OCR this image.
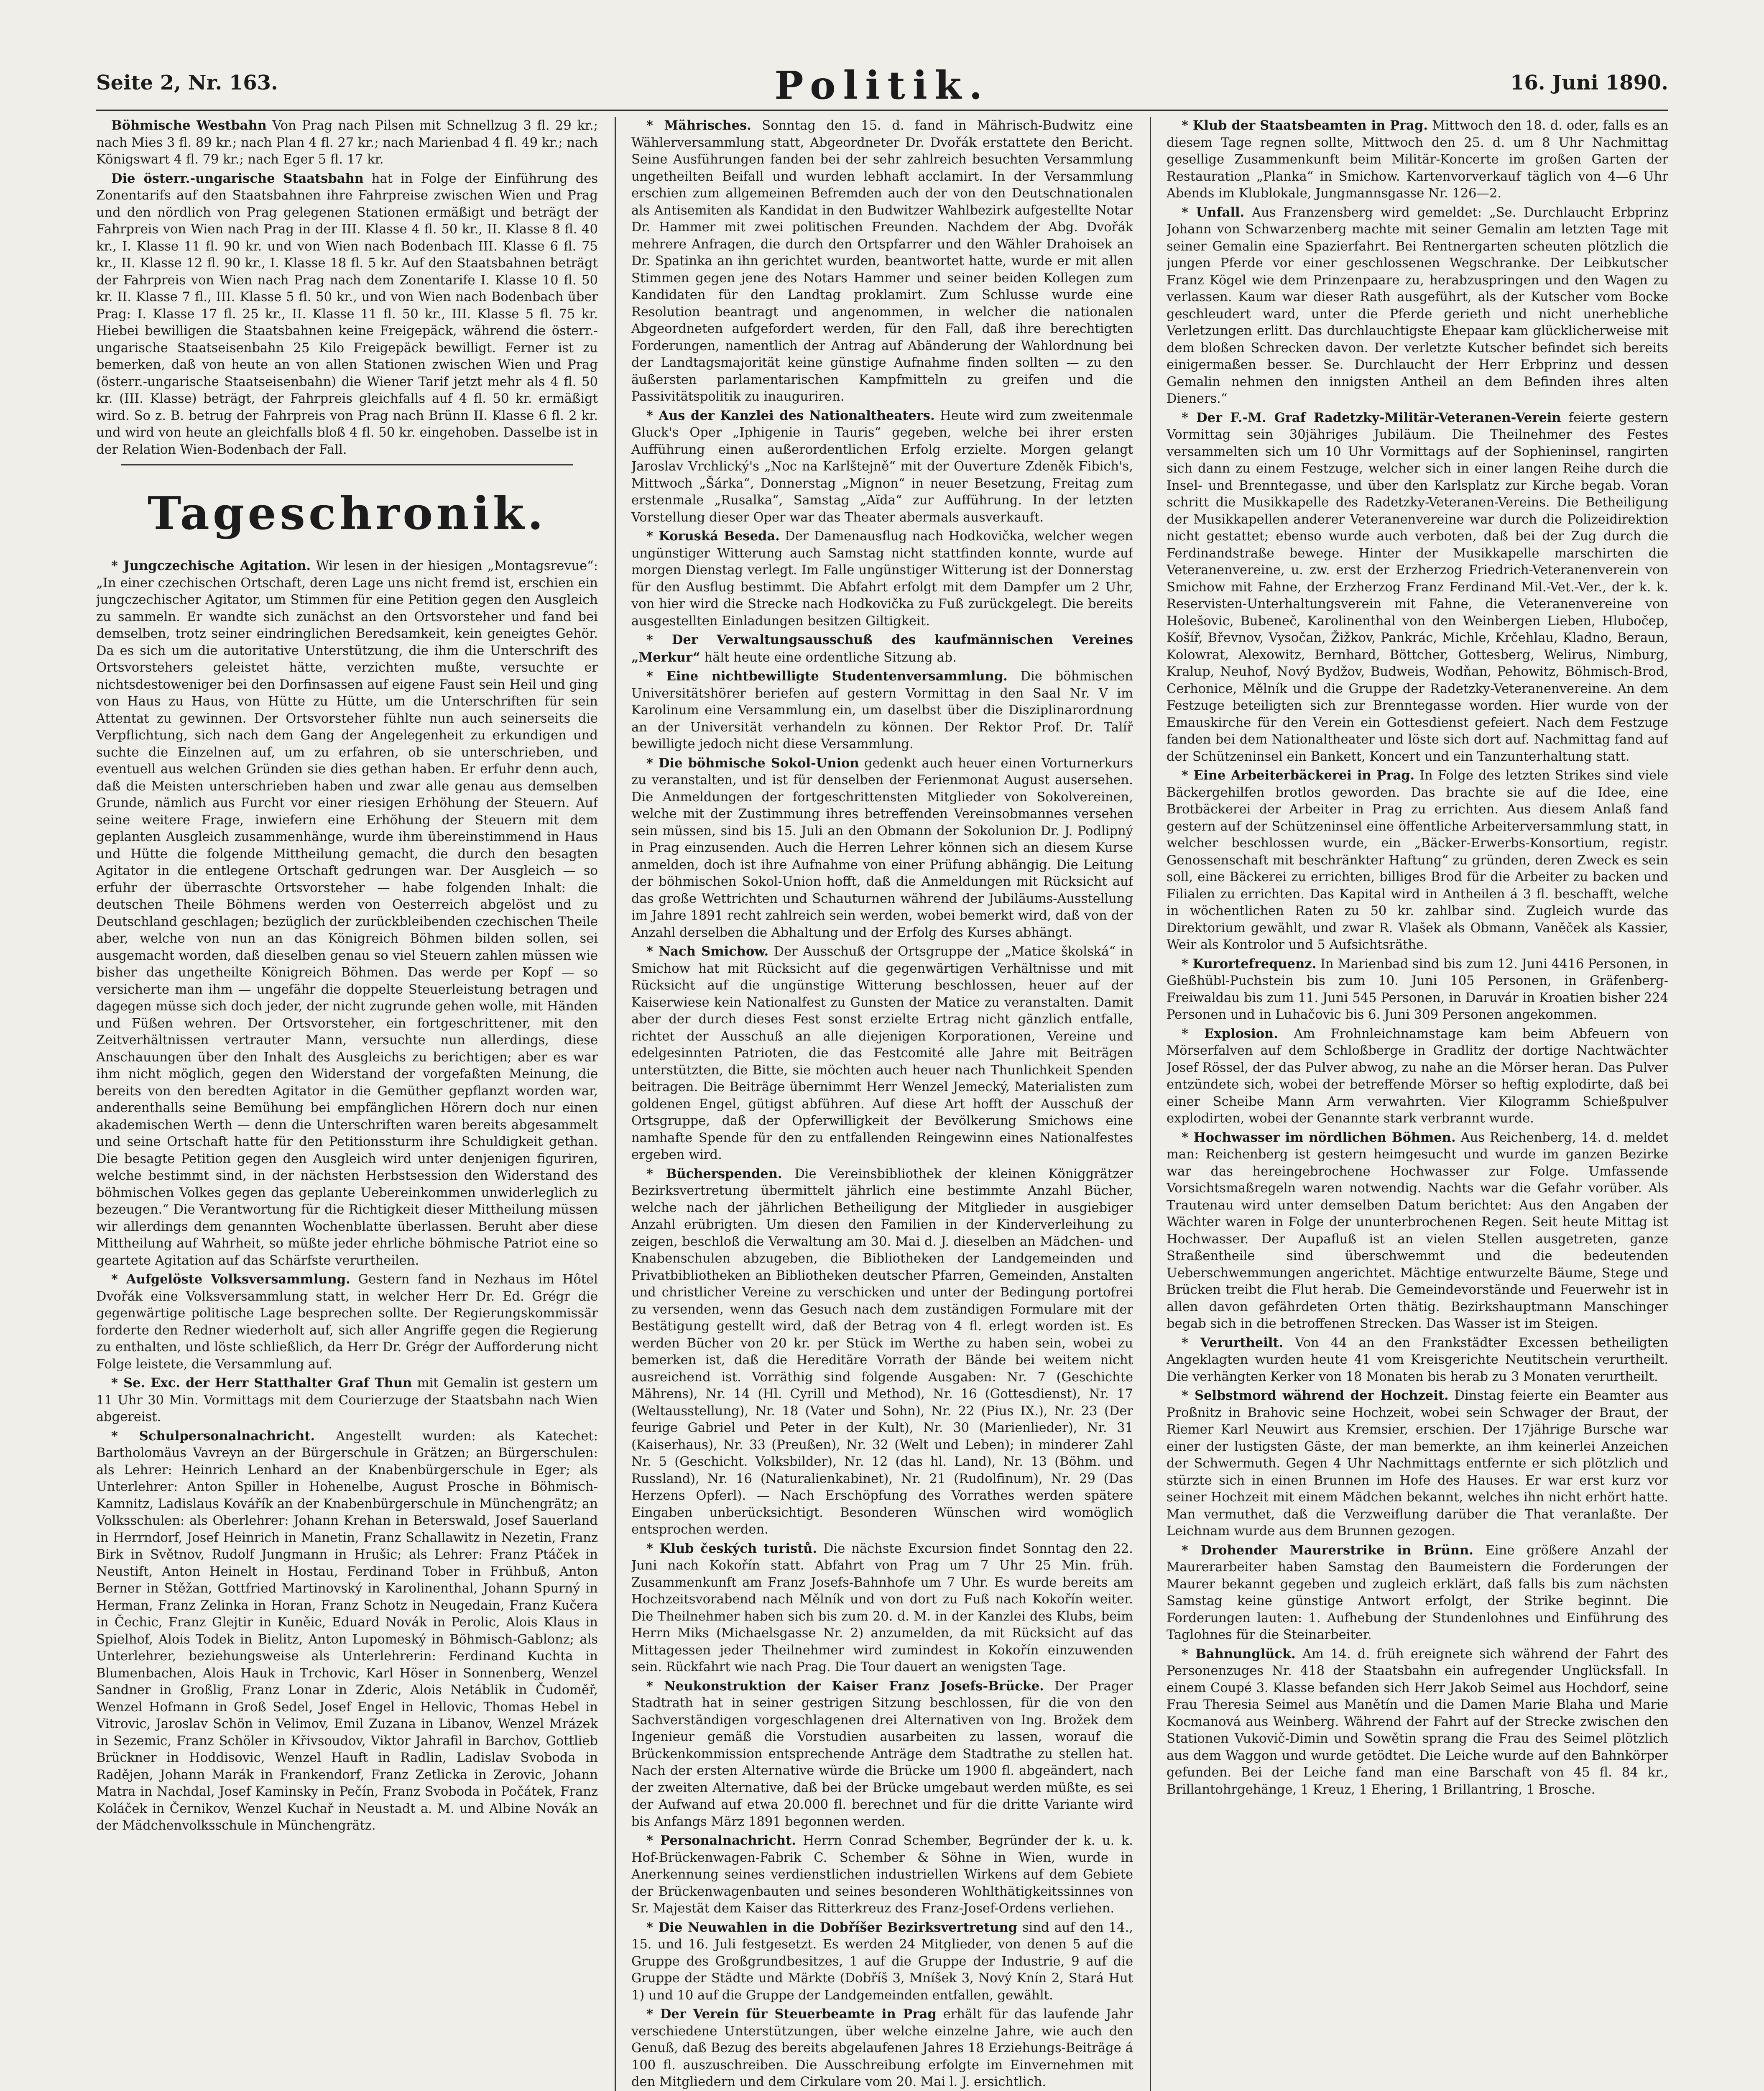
Seite 2, Nr. 163.	Politik.	16. Juni 1890.

Böhmische Westbahn Von Prag nach Pilsen mit Schnellzug 3 fl. 29 kr.; nach Mies 3 fl. 89 kr.; nach Plan 4 fl. 27 kr.; nach Marienbad 4 fl. 49 kr.; nach Königswart 4 fl. 79 kr.; nach Eger 5 fl. 17 kr.

Die österr.-ungarische Staatsbahn hat in Folge der Einführung des Zonentarifs auf den Staatsbahnen ihre Fahrpreise zwischen Wien und Prag und den nördlich von Prag gelegenen Stationen ermäßigt und beträgt der Fahrpreis von Wien nach Prag in der III. Klasse 4 fl. 50 kr., II. Klasse 8 fl. 40 kr., I. Klasse 11 fl. 90 kr. und von Wien nach Bodenbach III. Klasse 6 fl. 75 kr., II. Klasse 12 fl. 90 kr., I. Klasse 18 fl. 5 kr. Auf den Staatsbahnen beträgt der Fahrpreis von Wien nach Prag nach dem Zonentarife I. Klasse 10 fl. 50 kr. II. Klasse 7 fl., III. Klasse 5 fl. 50 kr., und von Wien nach Bodenbach über Prag: I. Klasse 17 fl. 25 kr., II. Klasse 11 fl. 50 kr., III. Klasse 5 fl. 75 kr. Hiebei bewilligen die Staatsbahnen keine Freigepäck, während die österr.-ungarische Staatseisenbahn 25 Kilo Freigepäck bewilligt. Ferner ist zu bemerken, daß von heute an von allen Stationen zwischen Wien und Prag (österr.-ungarische Staatseisenbahn) die Wiener Tarif jetzt mehr als 4 fl. 50 kr. (III. Klasse) beträgt, der Fahrpreis gleichfalls auf 4 fl. 50 kr. ermäßigt wird. So z. B. betrug der Fahrpreis von Prag nach Brünn II. Klasse 6 fl. 2 kr. und wird von heute an gleichfalls bloß 4 fl. 50 kr. eingehoben. Dasselbe ist in der Relation Wien-Bodenbach der Fall.

Tageschronik.

* Jungczechische Agitation. Wir lesen in der hiesigen „Montagsrevue“: „In einer czechischen Ortschaft, deren Lage uns nicht fremd ist, erschien ein jungczechischer Agitator, um Stimmen für eine Petition gegen den Ausgleich zu sammeln. Er wandte sich zunächst an den Ortsvorsteher und fand bei demselben, trotz seiner eindringlichen Beredsamkeit, kein geneigtes Gehör. Da es sich um die autoritative Unterstützung, die ihm die Unterschrift des Ortsvorstehers geleistet hätte, verzichten mußte, versuchte er nichtsdestoweniger bei den Dorfinsassen auf eigene Faust sein Heil und ging von Haus zu Haus, von Hütte zu Hütte, um die Unterschriften für sein Attentat zu gewinnen. Der Ortsvorsteher fühlte nun auch seinerseits die Verpflichtung, sich nach dem Gang der Angelegenheit zu erkundigen und suchte die Einzelnen auf, um zu erfahren, ob sie unterschrieben, und eventuell aus welchen Gründen sie dies gethan haben. Er erfuhr denn auch, daß die Meisten unterschrieben haben und zwar alle genau aus demselben Grunde, nämlich aus Furcht vor einer riesigen Erhöhung der Steuern. Auf seine weitere Frage, inwiefern eine Erhöhung der Steuern mit dem geplanten Ausgleich zusammenhänge, wurde ihm übereinstimmend in Haus und Hütte die folgende Mittheilung gemacht, die durch den besagten Agitator in die entlegene Ortschaft gedrungen war. Der Ausgleich — so erfuhr der überraschte Ortsvorsteher — habe folgenden Inhalt: die deutschen Theile Böhmens werden von Oesterreich abgelöst und zu Deutschland geschlagen; bezüglich der zurückbleibenden czechischen Theile aber, welche von nun an das Königreich Böhmen bilden sollen, sei ausgemacht worden, daß dieselben genau so viel Steuern zahlen müssen wie bisher das ungetheilte Königreich Böhmen. Das werde per Kopf — so versicherte man ihm — ungefähr die doppelte Steuerleistung betragen und dagegen müsse sich doch jeder, der nicht zugrunde gehen wolle, mit Händen und Füßen wehren. Der Ortsvorsteher, ein fortgeschrittener, mit den Zeitverhältnissen vertrauter Mann, versuchte nun allerdings, diese Anschauungen über den Inhalt des Ausgleichs zu berichtigen; aber es war ihm nicht möglich, gegen den Widerstand der vorgefaßten Meinung, die bereits von den beredten Agitator in die Gemüther gepflanzt worden war, anderenthalls seine Bemühung bei empfänglichen Hörern doch nur einen akademischen Werth — denn die Unterschriften waren bereits abgesammelt und seine Ortschaft hatte für den Petitionssturm ihre Schuldigkeit gethan. Die besagte Petition gegen den Ausgleich wird unter denjenigen figuriren, welche bestimmt sind, in der nächsten Herbstsession den Widerstand des böhmischen Volkes gegen das geplante Uebereinkommen unwiderleglich zu bezeugen.“ Die Verantwortung für die Richtigkeit dieser Mittheilung müssen wir allerdings dem genannten Wochenblatte überlassen. Beruht aber diese Mittheilung auf Wahrheit, so müßte jeder ehrliche böhmische Patriot eine so geartete Agitation auf das Schärfste verurtheilen.

* Aufgelöste Volksversammlung. Gestern fand in Nezhaus im Hôtel Dvořák eine Volksversammlung statt, in welcher Herr Dr. Ed. Grégr die gegenwärtige politische Lage besprechen sollte. Der Regierungskommissär forderte den Redner wiederholt auf, sich aller Angriffe gegen die Regierung zu enthalten, und löste schließlich, da Herr Dr. Grégr der Aufforderung nicht Folge leistete, die Versammlung auf.

* Se. Exc. der Herr Statthalter Graf Thun mit Gemalin ist gestern um 11 Uhr 30 Min. Vormittags mit dem Courierzuge der Staatsbahn nach Wien abgereist.

* Schulpersonalnachricht. Angestellt wurden: als Katechet: Bartholomäus Vavreyn an der Bürgerschule in Grätzen; an Bürgerschulen: als Lehrer: Heinrich Lenhard an der Knabenbürgerschule in Eger; als Unterlehrer: Anton Spiller in Hohenelbe, August Prosche in Böhmisch-Kamnitz, Ladislaus Kovářík an der Knabenbürgerschule in Münchengrätz; an Volksschulen: als Oberlehrer: Johann Krehan in Beterswald, Josef Sauerland in Herrndorf, Josef Heinrich in Manetin, Franz Schallawitz in Nezetin, Franz Birk in Světnov, Rudolf Jungmann in Hrušic; als Lehrer: Franz Ptáček in Neustift, Anton Heinelt in Hostau, Ferdinand Tober in Frühbuß, Anton Berner in Stěžan, Gottfried Martinovský in Karolinenthal, Johann Spurný in Herman, Franz Zelinka in Horan, Franz Schotz in Neugedain, Franz Kučera in Čechic, Franz Glejtir in Kuněic, Eduard Novák in Perolic, Alois Klaus in Spielhof, Alois Todek in Bielitz, Anton Lupomeský in Böhmisch-Gablonz; als Unterlehrer, beziehungsweise als Unterlehrerin: Ferdinand Kuchta in Blumenbachen, Alois Hauk in Trchovic, Karl Höser in Sonnenberg, Wenzel Sandner in Großlig, Franz Lonar in Zderic, Alois Netáblik in Čudoměř, Wenzel Hofmann in Groß Sedel, Josef Engel in Hellovic, Thomas Hebel in Vitrovic, Jaroslav Schön in Velimov, Emil Zuzana in Libanov, Wenzel Mrázek in Sezemic, Franz Schöler in Křivsoudov, Viktor Jahrafil in Barchov, Gottlieb Brückner in Hoddisovic, Wenzel Hauft in Radlin, Ladislav Svoboda in Radějen, Johann Marák in Frankendorf, Franz Zetlicka in Zerovic, Johann Matra in Nachdal, Josef Kaminsky in Pečín, Franz Svoboda in Počátek, Franz Koláček in Černikov, Wenzel Kuchař in Neustadt a. M. und Albine Novák an der Mädchenvolksschule in Münchengrätz.

* Mährisches. Sonntag den 15. d. fand in Mährisch-Budwitz eine Wählerversammlung statt, Abgeordneter Dr. Dvořák erstattete den Bericht. Seine Ausführungen fanden bei der sehr zahlreich besuchten Versammlung ungetheilten Beifall und wurden lebhaft acclamirt. In der Versammlung erschien zum allgemeinen Befremden auch der von den Deutschnationalen als Antisemiten als Kandidat in den Budwitzer Wahlbezirk aufgestellte Notar Dr. Hammer mit zwei politischen Freunden. Nachdem der Abg. Dvořák mehrere Anfragen, die durch den Ortspfarrer und den Wähler Drahoisek an Dr. Spatinka an ihn gerichtet wurden, beantwortet hatte, wurde er mit allen Stimmen gegen jene des Notars Hammer und seiner beiden Kollegen zum Kandidaten für den Landtag proklamirt. Zum Schlusse wurde eine Resolution beantragt und angenommen, in welcher die nationalen Abgeordneten aufgefordert werden, für den Fall, daß ihre berechtigten Forderungen, namentlich der Antrag auf Abänderung der Wahlordnung bei der Landtagsmajorität keine günstige Aufnahme finden sollten — zu den äußersten parlamentarischen Kampfmitteln zu greifen und die Passivitätspolitik zu inauguriren.

* Aus der Kanzlei des Nationaltheaters. Heute wird zum zweitenmale Gluck's Oper „Iphigenie in Tauris“ gegeben, welche bei ihrer ersten Aufführung einen außerordentlichen Erfolg erzielte. Morgen gelangt Jaroslav Vrchlický's „Noc na Karlštejně“ mit der Ouverture Zdeněk Fibich's, Mittwoch „Šárka“, Donnerstag „Mignon“ in neuer Besetzung, Freitag zum erstenmale „Rusalka“, Samstag „Aïda“ zur Aufführung. In der letzten Vorstellung dieser Oper war das Theater abermals ausverkauft.

* Koruská Beseda. Der Damenausflug nach Hodkovička, welcher wegen ungünstiger Witterung auch Samstag nicht stattfinden konnte, wurde auf morgen Dienstag verlegt. Im Falle ungünstiger Witterung ist der Donnerstag für den Ausflug bestimmt. Die Abfahrt erfolgt mit dem Dampfer um 2 Uhr, von hier wird die Strecke nach Hodkovička zu Fuß zurückgelegt. Die bereits ausgestellten Einladungen besitzen Giltigkeit.

* Der Verwaltungsausschuß des kaufmännischen Vereines „Merkur“ hält heute eine ordentliche Sitzung ab.

* Eine nichtbewilligte Studentenversammlung. Die böhmischen Universitätshörer beriefen auf gestern Vormittag in den Saal Nr. V im Karolinum eine Versammlung ein, um daselbst über die Disziplinarordnung an der Universität verhandeln zu können. Der Rektor Prof. Dr. Talíř bewilligte jedoch nicht diese Versammlung.

* Die böhmische Sokol-Union gedenkt auch heuer einen Vorturnerkurs zu veranstalten, und ist für denselben der Ferienmonat August ausersehen. Die Anmeldungen der fortgeschrittensten Mitglieder von Sokolvereinen, welche mit der Zustimmung ihres betreffenden Vereinsobmannes versehen sein müssen, sind bis 15. Juli an den Obmann der Sokolunion Dr. J. Podlipný in Prag einzusenden. Auch die Herren Lehrer können sich an diesem Kurse anmelden, doch ist ihre Aufnahme von einer Prüfung abhängig. Die Leitung der böhmischen Sokol-Union hofft, daß die Anmeldungen mit Rücksicht auf das große Wettrichten und Schauturnen während der Jubiläums-Ausstellung im Jahre 1891 recht zahlreich sein werden, wobei bemerkt wird, daß von der Anzahl derselben die Abhaltung und der Erfolg des Kurses abhängt.

* Nach Smichow. Der Ausschuß der Ortsgruppe der „Matice školská“ in Smichow hat mit Rücksicht auf die gegenwärtigen Verhältnisse und mit Rücksicht auf die ungünstige Witterung beschlossen, heuer auf der Kaiserwiese kein Nationalfest zu Gunsten der Matice zu veranstalten. Damit aber der durch dieses Fest sonst erzielte Ertrag nicht gänzlich entfalle, richtet der Ausschuß an alle diejenigen Korporationen, Vereine und edelgesinnten Patrioten, die das Festcomité alle Jahre mit Beiträgen unterstützten, die Bitte, sie möchten auch heuer nach Thunlichkeit Spenden beitragen. Die Beiträge übernimmt Herr Wenzel Jemecký, Materialisten zum goldenen Engel, gütigst abführen. Auf diese Art hofft der Ausschuß der Ortsgruppe, daß der Opferwilligkeit der Bevölkerung Smichows eine namhafte Spende für den zu entfallenden Reingewinn eines Nationalfestes ergeben wird.

* Bücherspenden. Die Vereinsbibliothek der kleinen Königgrätzer Bezirksvertretung übermittelt jährlich eine bestimmte Anzahl Bücher, welche nach der jährlichen Betheiligung der Mitglieder in ausgiebiger Anzahl erübrigten. Um diesen den Familien in der Kinderverleihung zu zeigen, beschloß die Verwaltung am 30. Mai d. J. dieselben an Mädchen- und Knabenschulen abzugeben, die Bibliotheken der Landgemeinden und Privatbibliotheken an Bibliotheken deutscher Pfarren, Gemeinden, Anstalten und christlicher Vereine zu verschicken und unter der Bedingung portofrei zu versenden, wenn das Gesuch nach dem zuständigen Formulare mit der Bestätigung gestellt wird, daß der Betrag von 4 fl. erlegt worden ist. Es werden Bücher von 20 kr. per Stück im Werthe zu haben sein, wobei zu bemerken ist, daß die Hereditäre Vorrath der Bände bei weitem nicht ausreichend ist. Vorräthig sind folgende Ausgaben: Nr. 7 (Geschichte Mährens), Nr. 14 (Hl. Cyrill und Method), Nr. 16 (Gottesdienst), Nr. 17 (Weltausstellung), Nr. 18 (Vater und Sohn), Nr. 22 (Pius IX.), Nr. 23 (Der feurige Gabriel und Peter in der Kult), Nr. 30 (Marienlieder), Nr. 31 (Kaiserhaus), Nr. 33 (Preußen), Nr. 32 (Welt und Leben); in minderer Zahl Nr. 5 (Geschicht. Volksbilder), Nr. 12 (das hl. Land), Nr. 13 (Böhm. und Russland), Nr. 16 (Naturalienkabinet), Nr. 21 (Rudolfinum), Nr. 29 (Das Herzens Opferl). — Nach Erschöpfung des Vorrathes werden spätere Eingaben unberücksichtigt. Besonderen Wünschen wird womöglich entsprochen werden.

* Klub českých turistů. Die nächste Excursion findet Sonntag den 22. Juni nach Kokořín statt. Abfahrt von Prag um 7 Uhr 25 Min. früh. Zusammenkunft am Franz Josefs-Bahnhofe um 7 Uhr. Es wurde bereits am Hochzeitsvorabend nach Mělník und von dort zu Fuß nach Kokořín weiter. Die Theilnehmer haben sich bis zum 20. d. M. in der Kanzlei des Klubs, beim Herrn Miks (Michaelsgasse Nr. 2) anzumelden, da mit Rücksicht auf das Mittagessen jeder Theilnehmer wird zumindest in Kokořín einzuwenden sein. Rückfahrt wie nach Prag. Die Tour dauert an wenigsten Tage.

* Neukonstruktion der Kaiser Franz Josefs-Brücke. Der Prager Stadtrath hat in seiner gestrigen Sitzung beschlossen, für die von den Sachverständigen vorgeschlagenen drei Alternativen von Ing. Brožek dem Ingenieur gemäß die Vorstudien ausarbeiten zu lassen, worauf die Brückenkommission entsprechende Anträge dem Stadtrathe zu stellen hat. Nach der ersten Alternative würde die Brücke um 1900 fl. abgeändert, nach der zweiten Alternative, daß bei der Brücke umgebaut werden müßte, es sei der Aufwand auf etwa 20.000 fl. berechnet und für die dritte Variante wird bis Anfangs März 1891 begonnen werden.

* Personalnachricht. Herrn Conrad Schember, Begründer der k. u. k. Hof-Brückenwagen-Fabrik C. Schember & Söhne in Wien, wurde in Anerkennung seines verdienstlichen industriellen Wirkens auf dem Gebiete der Brückenwagenbauten und seines besonderen Wohlthätigkeitssinnes von Sr. Majestät dem Kaiser das Ritterkreuz des Franz-Josef-Ordens verliehen.

* Die Neuwahlen in die Dobříšer Bezirksvertretung sind auf den 14., 15. und 16. Juli festgesetzt. Es werden 24 Mitglieder, von denen 5 auf die Gruppe des Großgrundbesitzes, 1 auf die Gruppe der Industrie, 9 auf die Gruppe der Städte und Märkte (Dobříš 3, Mníšek 3, Nový Knín 2, Stará Hut 1) und 10 auf die Gruppe der Landgemeinden entfallen, gewählt.

* Der Verein für Steuerbeamte in Prag erhält für das laufende Jahr verschiedene Unterstützungen, über welche einzelne Jahre, wie auch den Genuß, daß Bezug des bereits abgelaufenen Jahres 18 Erziehungs-Beiträge á 100 fl. auszuschreiben. Die Ausschreibung erfolgte im Einvernehmen mit den Mitgliedern und dem Cirkulare vom 20. Mai l. J. ersichtlich.

* Klub der Staatsbeamten in Prag. Mittwoch den 18. d. oder, falls es an diesem Tage regnen sollte, Mittwoch den 25. d. um 8 Uhr Nachmittag gesellige Zusammenkunft beim Militär-Koncerte im großen Garten der Restauration „Planka“ in Smichow. Kartenvorverkauf täglich von 4—6 Uhr Abends im Klublokale, Jungmannsgasse Nr. 126—2.

* Unfall. Aus Franzensberg wird gemeldet: „Se. Durchlaucht Erbprinz Johann von Schwarzenberg machte mit seiner Gemalin am letzten Tage mit seiner Gemalin eine Spazierfahrt. Bei Rentnergarten scheuten plötzlich die jungen Pferde vor einer geschlossenen Wegschranke. Der Leibkutscher Franz Kögel wie dem Prinzenpaare zu, herabzuspringen und den Wagen zu verlassen. Kaum war dieser Rath ausgeführt, als der Kutscher vom Bocke geschleudert ward, unter die Pferde gerieth und nicht unerhebliche Verletzungen erlitt. Das durchlauchtigste Ehepaar kam glücklicherweise mit dem bloßen Schrecken davon. Der verletzte Kutscher befindet sich bereits einigermaßen besser. Se. Durchlaucht der Herr Erbprinz und dessen Gemalin nehmen den innigsten Antheil an dem Befinden ihres alten Dieners.“

* Der F.-M. Graf Radetzky-Militär-Veteranen-Verein feierte gestern Vormittag sein 30jähriges Jubiläum. Die Theilnehmer des Festes versammelten sich um 10 Uhr Vormittags auf der Sophieninsel, rangirten sich dann zu einem Festzuge, welcher sich in einer langen Reihe durch die Insel- und Brenntegasse, und über den Karlsplatz zur Kirche begab. Voran schritt die Musikkapelle des Radetzky-Veteranen-Vereins. Die Betheiligung der Musikkapellen anderer Veteranenvereine war durch die Polizeidirektion nicht gestattet; ebenso wurde auch verboten, daß bei der Zug durch die Ferdinandstraße bewege. Hinter der Musikkapelle marschirten die Veteranenvereine, u. zw. erst der Erzherzog Friedrich-Veteranenverein von Smichow mit Fahne, der Erzherzog Franz Ferdinand Mil.-Vet.-Ver., der k. k. Reservisten-Unterhaltungsverein mit Fahne, die Veteranenvereine von Holešovic, Bubeneč, Karolinenthal von den Weinbergen Lieben, Hlubočep, Košíř, Břevnov, Vysočan, Žižkov, Pankrác, Michle, Krčehlau, Kladno, Beraun, Kolowrat, Alexowitz, Bernhard, Böttcher, Gottesberg, Welirus, Nimburg, Kralup, Neuhof, Nový Bydžov, Budweis, Wodňan, Pehowitz, Böhmisch-Brod, Cerhonice, Mělník und die Gruppe der Radetzky-Veteranenvereine. An dem Festzuge beteiligten sich zur Brenntegasse worden. Hier wurde von der Emauskirche für den Verein ein Gottesdienst gefeiert. Nach dem Festzuge fanden bei dem Nationaltheater und löste sich dort auf. Nachmittag fand auf der Schützeninsel ein Bankett, Koncert und ein Tanzunterhaltung statt.

* Eine Arbeiterbäckerei in Prag. In Folge des letzten Strikes sind viele Bäckergehilfen brotlos geworden. Das brachte sie auf die Idee, eine Brotbäckerei der Arbeiter in Prag zu errichten. Aus diesem Anlaß fand gestern auf der Schützeninsel eine öffentliche Arbeiterversammlung statt, in welcher beschlossen wurde, ein „Bäcker-Erwerbs-Konsortium, registr. Genossenschaft mit beschränkter Haftung“ zu gründen, deren Zweck es sein soll, eine Bäckerei zu errichten, billiges Brod für die Arbeiter zu backen und Filialen zu errichten. Das Kapital wird in Antheilen á 3 fl. beschafft, welche in wöchentlichen Raten zu 50 kr. zahlbar sind. Zugleich wurde das Direktorium gewählt, und zwar R. Vlašek als Obmann, Vaněček als Kassier, Weir als Kontrolor und 5 Aufsichtsräthe.

* Kurortefrequenz. In Marienbad sind bis zum 12. Juni 4416 Personen, in Gießhübl-Puchstein bis zum 10. Juni 105 Personen, in Gräfenberg-Freiwaldau bis zum 11. Juni 545 Personen, in Daruvár in Kroatien bisher 224 Personen und in Luhačovic bis 6. Juni 309 Personen angekommen.

* Explosion. Am Frohnleichnamstage kam beim Abfeuern von Mörserfalven auf dem Schloßberge in Gradlitz der dortige Nachtwächter Josef Rössel, der das Pulver abwog, zu nahe an die Mörser heran. Das Pulver entzündete sich, wobei der betreffende Mörser so heftig explodirte, daß bei einer Scheibe Mann Arm verwahrten. Vier Kilogramm Schießpulver explodirten, wobei der Genannte stark verbrannt wurde.

* Hochwasser im nördlichen Böhmen. Aus Reichenberg, 14. d. meldet man: Reichenberg ist gestern heimgesucht und wurde im ganzen Bezirke war das hereingebrochene Hochwasser zur Folge. Umfassende Vorsichtsmaßregeln waren notwendig. Nachts war die Gefahr vorüber. Als Trautenau wird unter demselben Datum berichtet: Aus den Angaben der Wächter waren in Folge der ununterbrochenen Regen. Seit heute Mittag ist Hochwasser. Der Aupafluß ist an vielen Stellen ausgetreten, ganze Straßentheile sind überschwemmt und die bedeutenden Ueberschwemmungen angerichtet. Mächtige entwurzelte Bäume, Stege und Brücken treibt die Flut herab. Die Gemeindevorstände und Feuerwehr ist in allen davon gefährdeten Orten thätig. Bezirkshauptmann Manschinger begab sich in die betroffenen Strecken. Das Wasser ist im Steigen.

* Verurtheilt. Von 44 an den Frankstädter Excessen betheiligten Angeklagten wurden heute 41 vom Kreisgerichte Neutitschein verurtheilt. Die verhängten Kerker von 18 Monaten bis herab zu 3 Monaten verurtheilt.

* Selbstmord während der Hochzeit. Dinstag feierte ein Beamter aus Proßnitz in Brahovic seine Hochzeit, wobei sein Schwager der Braut, der Riemer Karl Neuwirt aus Kremsier, erschien. Der 17jährige Bursche war einer der lustigsten Gäste, der man bemerkte, an ihm keinerlei Anzeichen der Schwermuth. Gegen 4 Uhr Nachmittags entfernte er sich plötzlich und stürzte sich in einen Brunnen im Hofe des Hauses. Er war erst kurz vor seiner Hochzeit mit einem Mädchen bekannt, welches ihn nicht erhört hatte. Man vermuthet, daß die Verzweiflung darüber die That veranlaßte. Der Leichnam wurde aus dem Brunnen gezogen.

* Drohender Maurerstrike in Brünn. Eine größere Anzahl der Maurerarbeiter haben Samstag den Baumeistern die Forderungen der Maurer bekannt gegeben und zugleich erklärt, daß falls bis zum nächsten Samstag keine günstige Antwort erfolgt, der Strike beginnt. Die Forderungen lauten: 1. Aufhebung der Stundenlohnes und Einführung des Taglohnes für die Steinarbeiter.

* Bahnunglück. Am 14. d. früh ereignete sich während der Fahrt des Personenzuges Nr. 418 der Staatsbahn ein aufregender Unglücksfall. In einem Coupé 3. Klasse befanden sich Herr Jakob Seimel aus Hochdorf, seine Frau Theresia Seimel aus Manětín und die Damen Marie Blaha und Marie Kocmanová aus Weinberg. Während der Fahrt auf der Strecke zwischen den Stationen Vukovič-Dimin und Sowětin sprang die Frau des Seimel plötzlich aus dem Waggon und wurde getödtet. Die Leiche wurde auf den Bahnkörper gefunden. Bei der Leiche fand man eine Barschaft von 45 fl. 84 kr., Brillantohrgehänge, 1 Kreuz, 1 Ehering, 1 Brillantring, 1 Brosche.
